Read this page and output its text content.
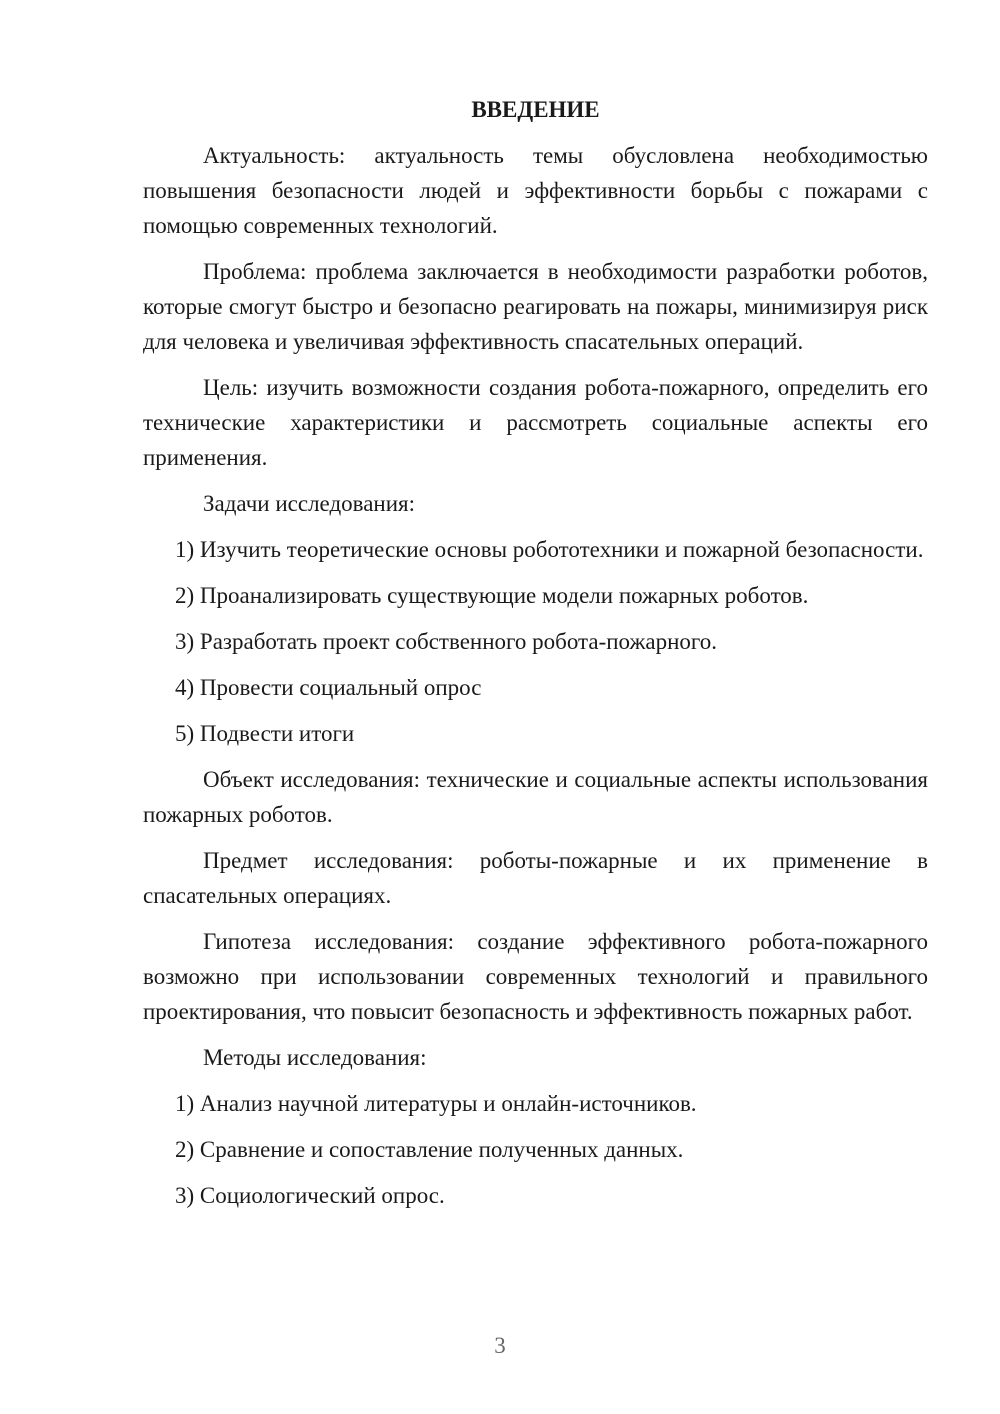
ВВЕДЕНИЕ

Актуальность: актуальность темы обусловлена необходимостью повышения безопасности людей и эффективности борьбы с пожарами с помощью современных технологий.

Проблема: проблема заключается в необходимости разработки роботов, которые смогут быстро и безопасно реагировать на пожары, минимизируя риск для человека и увеличивая эффективность спасательных операций.

Цель: изучить возможности создания робота-пожарного, определить его технические характеристики и рассмотреть социальные аспекты его применения.

Задачи исследования:

1) Изучить теоретические основы робототехники и пожарной безопасности.

2) Проанализировать существующие модели пожарных роботов.

3) Разработать проект собственного робота-пожарного.

4) Провести социальный опрос

5) Подвести итоги

Объект исследования: технические и социальные аспекты использования пожарных роботов.

Предмет исследования: роботы-пожарные и их применение в спасательных операциях.

Гипотеза исследования: создание эффективного робота-пожарного возможно при использовании современных технологий и правильного проектирования, что повысит безопасность и эффективность пожарных работ.

Методы исследования:

1) Анализ научной литературы и онлайн-источников.

2) Сравнение и сопоставление полученных данных.

3) Социологический опрос.

3
